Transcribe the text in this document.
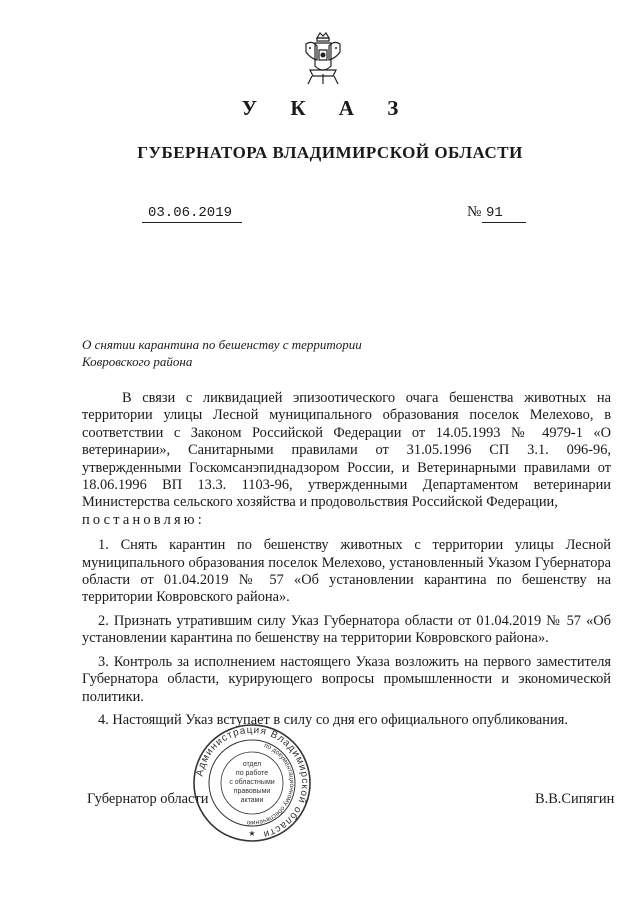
У К А З
ГУБЕРНАТОРА ВЛАДИМИРСКОЙ ОБЛАСТИ
03.06.2019	№ 91
О снятии карантина по бешенству с территории
Ковровского района

В связи с ликвидацией эпизоотического очага бешенства животных на территории улицы Лесной муниципального образования поселок Мелехово, в соответствии с Законом Российской Федерации от 14.05.1993 № 4979-1 «О ветеринарии», Санитарными правилами от 31.05.1996 СП 3.1. 096-96, утвержденными Госкомсанэпиднадзором России, и Ветеринарными правилами от 18.06.1996 ВП 13.3. 1103-96, утвержденными Департаментом ветеринарии Министерства сельского хозяйства и продовольствия Российской Федерации,

постановляю:

1. Снять карантин по бешенству животных с территории улицы Лесной муниципального образования поселок Мелехово, установленный Указом Губернатора области от 01.04.2019 № 57 «Об установлении карантина по бешенству на территории Ковровского района».

2. Признать утратившим силу Указ Губернатора области от 01.04.2019 № 57 «Об установлении карантина по бешенству на территории Ковровского района».

3. Контроль за исполнением настоящего Указа возложить на первого заместителя Губернатора области, курирующего вопросы промышленности и экономической политики.

4. Настоящий Указ вступает в силу со дня его официального опубликования.

Губернатор области	В.В.Сипягин
Администрация Владимирской области
по документационному обеспечению
отдел
по работе
с областными
правовыми
актами
★
